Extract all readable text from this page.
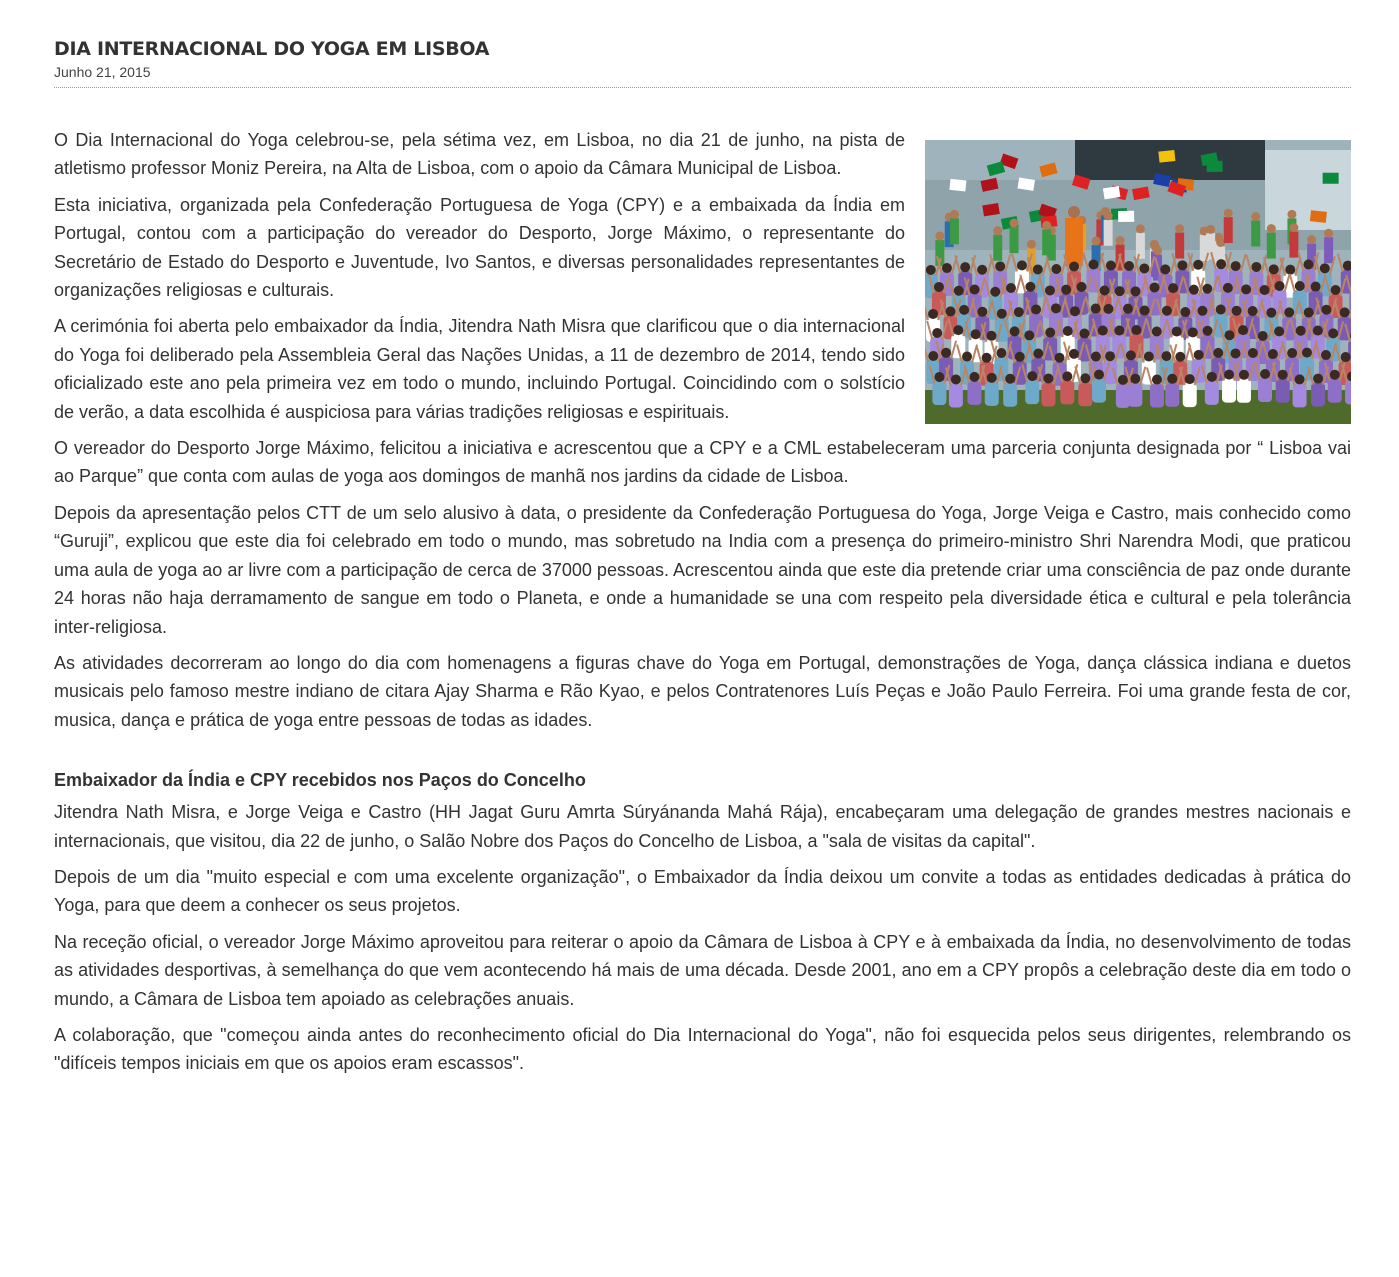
DIA INTERNACIONAL DO YOGA EM LISBOA
Junho 21, 2015

O Dia Internacional do Yoga celebrou-se, pela sétima vez, em Lisboa, no dia 21 de junho, na pista de atletismo professor Moniz Pereira, na Alta de Lisboa, com o apoio da Câmara Municipal de Lisboa.

Esta iniciativa, organizada pela Confederação Portuguesa de Yoga (CPY) e a embaixada da Índia em Portugal, contou com a participação do vereador do Desporto, Jorge Máximo, o representante do Secretário de Estado do Desporto e Juventude, Ivo Santos, e diversas personalidades representantes de organizações religiosas e culturais.

A cerimónia foi aberta pelo embaixador da Índia, Jitendra Nath Misra que clarificou que o dia internacional do Yoga foi deliberado pela Assembleia Geral das Nações Unidas, a 11 de dezembro de 2014, tendo sido oficializado este ano pela primeira vez em todo o mundo, incluindo Portugal. Coincidindo com o solstício de verão, a data escolhida é auspiciosa para várias tradições religiosas e espirituais.

O vereador do Desporto Jorge Máximo, felicitou a iniciativa e acrescentou que a CPY e a CML estabeleceram uma parceria conjunta designada por “ Lisboa vai ao Parque” que conta com aulas de yoga aos domingos de manhã nos jardins da cidade de Lisboa.

Depois da apresentação pelos CTT de um selo alusivo à data, o presidente da Confederação Portuguesa do Yoga, Jorge Veiga e Castro, mais conhecido como “Guruji”, explicou que este dia foi celebrado em todo o mundo, mas sobretudo na India com a presença do primeiro-ministro Shri Narendra Modi, que praticou uma aula de yoga ao ar livre com a participação de cerca de 37000 pessoas. Acrescentou ainda que este dia pretende criar uma consciência de paz onde durante 24 horas não haja derramamento de sangue em todo o Planeta, e onde a humanidade se una com respeito pela diversidade ética e cultural e pela tolerância inter-religiosa.

As atividades decorreram ao longo do dia com homenagens a figuras chave do Yoga em Portugal, demonstrações de Yoga, dança clássica indiana e duetos musicais pelo famoso mestre indiano de citara Ajay Sharma e Rão Kyao, e pelos Contratenores Luís Peças e João Paulo Ferreira. Foi uma grande festa de cor, musica, dança e prática de yoga entre pessoas de todas as idades.

Embaixador da Índia e CPY recebidos nos Paços do Concelho

Jitendra Nath Misra, e Jorge Veiga e Castro (HH Jagat Guru Amrta Súryánanda Mahá Rája), encabeçaram uma delegação de grandes mestres nacionais e internacionais, que visitou, dia 22 de junho, o Salão Nobre dos Paços do Concelho de Lisboa, a "sala de visitas da capital".

Depois de um dia "muito especial e com uma excelente organização", o Embaixador da Índia deixou um convite a todas as entidades dedicadas à prática do Yoga, para que deem a conhecer os seus projetos.

Na receção oficial, o vereador Jorge Máximo aproveitou para reiterar o apoio da Câmara de Lisboa à CPY e à embaixada da Índia, no desenvolvimento de todas as atividades desportivas, à semelhança do que vem acontecendo há mais de uma década. Desde 2001, ano em a CPY propôs a celebração deste dia em todo o mundo, a Câmara de Lisboa tem apoiado as celebrações anuais.

A colaboração, que "começou ainda antes do reconhecimento oficial do Dia Internacional do Yoga", não foi esquecida pelos seus dirigentes, relembrando os "difíceis tempos iniciais em que os apoios eram escassos".
